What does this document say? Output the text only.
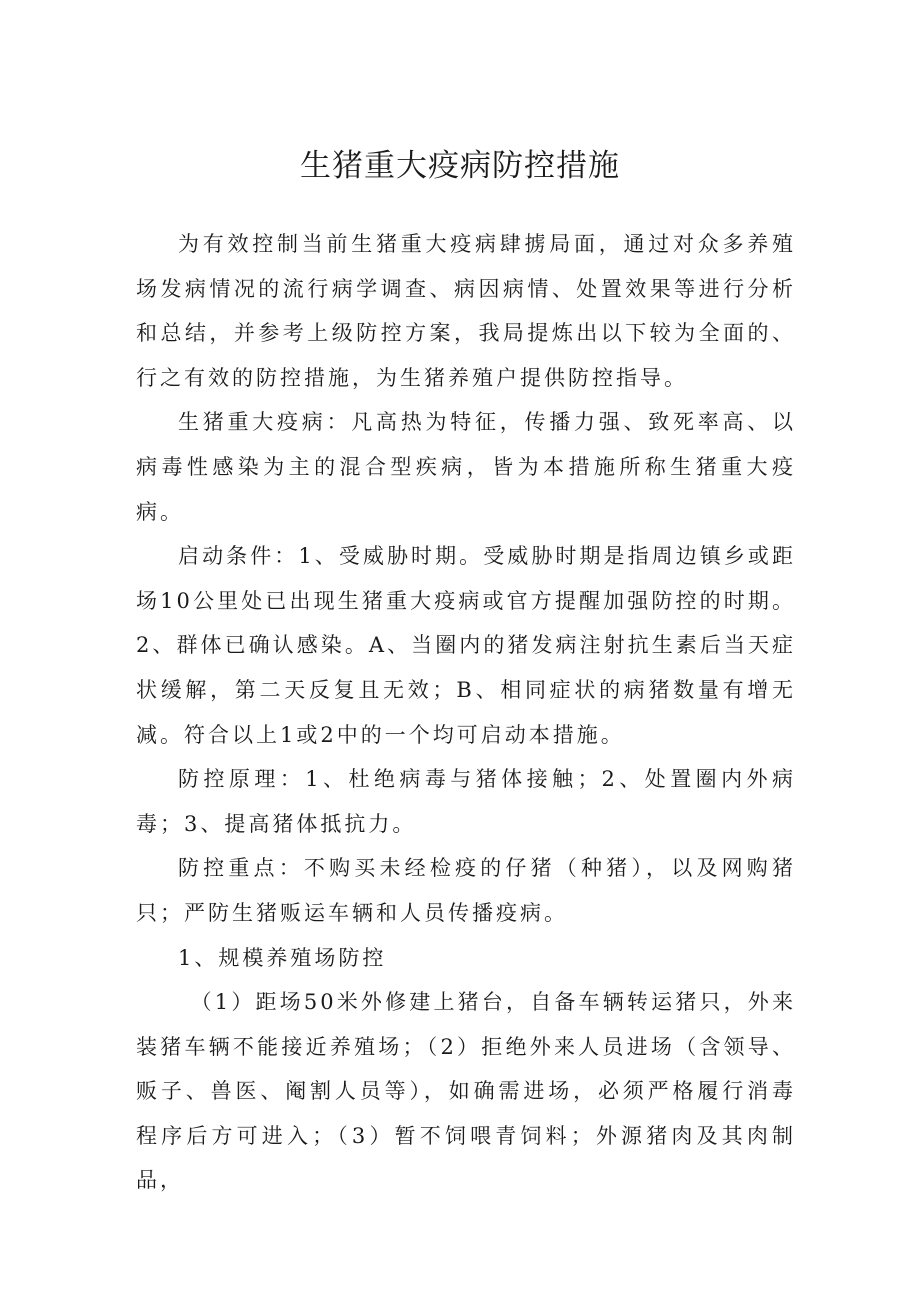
生猪重大疫病防控措施

为有效控制当前生猪重大疫病肆掳局面，通过对众多养殖场发病情况的流行病学调查、病因病情、处置效果等进行分析和总结，并参考上级防控方案，我局提炼出以下较为全面的、行之有效的防控措施，为生猪养殖户提供防控指导。

生猪重大疫病：凡高热为特征，传播力强、致死率高、以病毒性感染为主的混合型疾病，皆为本措施所称生猪重大疫病。

启动条件：1、受威胁时期。受威胁时期是指周边镇乡或距场10公里处已出现生猪重大疫病或官方提醒加强防控的时期。2、群体已确认感染。A、当圈内的猪发病注射抗生素后当天症状缓解，第二天反复且无效；B、相同症状的病猪数量有增无减。符合以上1或2中的一个均可启动本措施。

防控原理：1、杜绝病毒与猪体接触；2、处置圈内外病毒；3、提高猪体抵抗力。

防控重点：不购买未经检疫的仔猪（种猪），以及网购猪只；严防生猪贩运车辆和人员传播疫病。

1、规模养殖场防控

（1）距场50米外修建上猪台，自备车辆转运猪只，外来装猪车辆不能接近养殖场；（2）拒绝外来人员进场（含领导、贩子、兽医、阉割人员等），如确需进场，必须严格履行消毒程序后方可进入；（3）暂不饲喂青饲料；外源猪肉及其肉制品，
